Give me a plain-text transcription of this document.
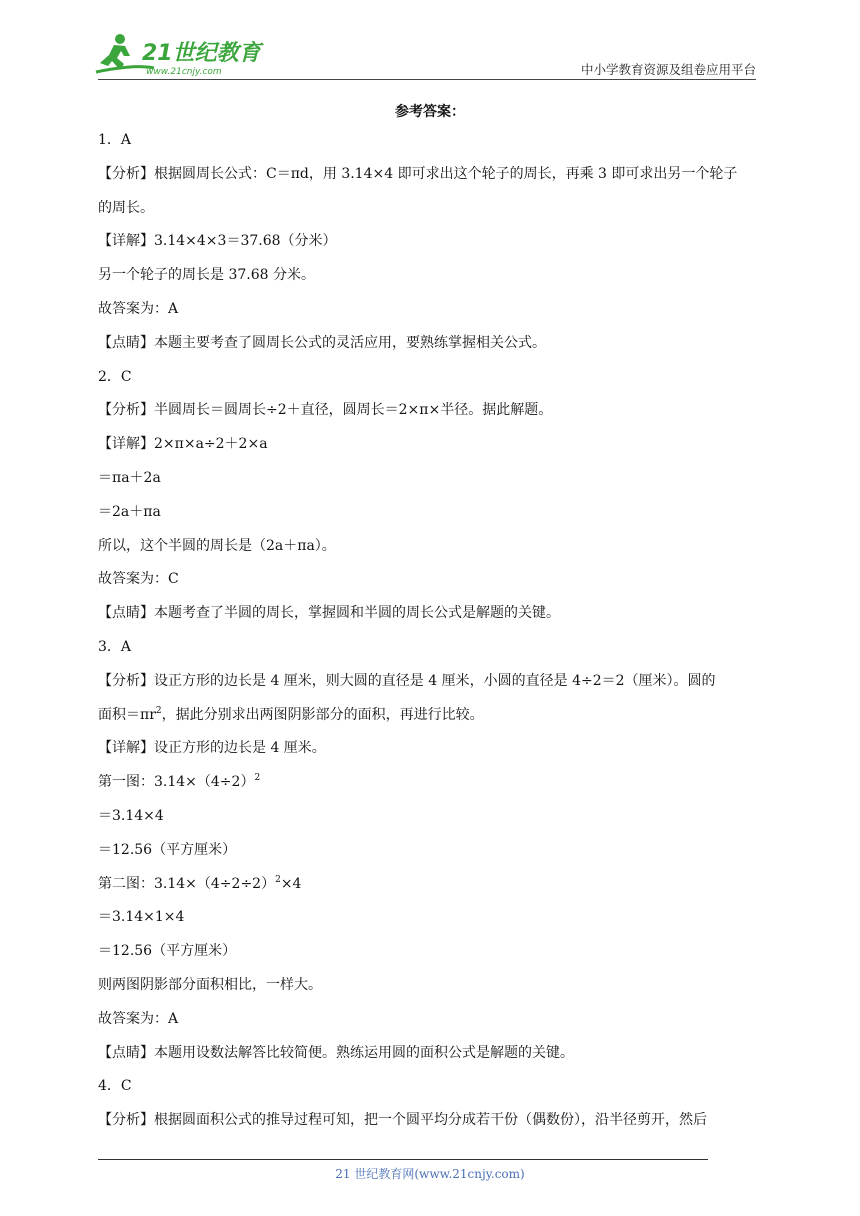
21世纪教育
www.21cnjy.com	中小学教育资源及组卷应用平台
参考答案：

1．A

【分析】根据圆周长公式：C＝πd，用 3.14×4 即可求出这个轮子的周长，再乘 3 即可求出另一个轮子

的周长。

【详解】3.14×4×3＝37.68（分米）

另一个轮子的周长是 37.68 分米。

故答案为：A

【点睛】本题主要考查了圆周长公式的灵活应用，要熟练掌握相关公式。

2．C

【分析】半圆周长＝圆周长÷2＋直径，圆周长＝2×π×半径。据此解题。

【详解】2×π×a÷2＋2×a

＝πa＋2a

＝2a＋πa

所以，这个半圆的周长是（2a＋πa）。

故答案为：C

【点睛】本题考查了半圆的周长，掌握圆和半圆的周长公式是解题的关键。

3．A

【分析】设正方形的边长是 4 厘米，则大圆的直径是 4 厘米，小圆的直径是 4÷2＝2（厘米）。圆的

面积$=\pi r^2$，据此分别求出两图阴影部分的面积，再进行比较。

【详解】设正方形的边长是 4 厘米。

第一图：$3.14\times(4\div 2)^2$

＝3.14×4

＝12.56（平方厘米）

第二图：$3.14\times(4\div 2\div 2)^2\times 4$

＝3.14×1×4

＝12.56（平方厘米）

则两图阴影部分面积相比，一样大。

故答案为：A

【点睛】本题用设数法解答比较简便。熟练运用圆的面积公式是解题的关键。

4．C

【分析】根据圆面积公式的推导过程可知，把一个圆平均分成若干份（偶数份），沿半径剪开，然后

21 世纪教育网(www.21cnjy.com)
